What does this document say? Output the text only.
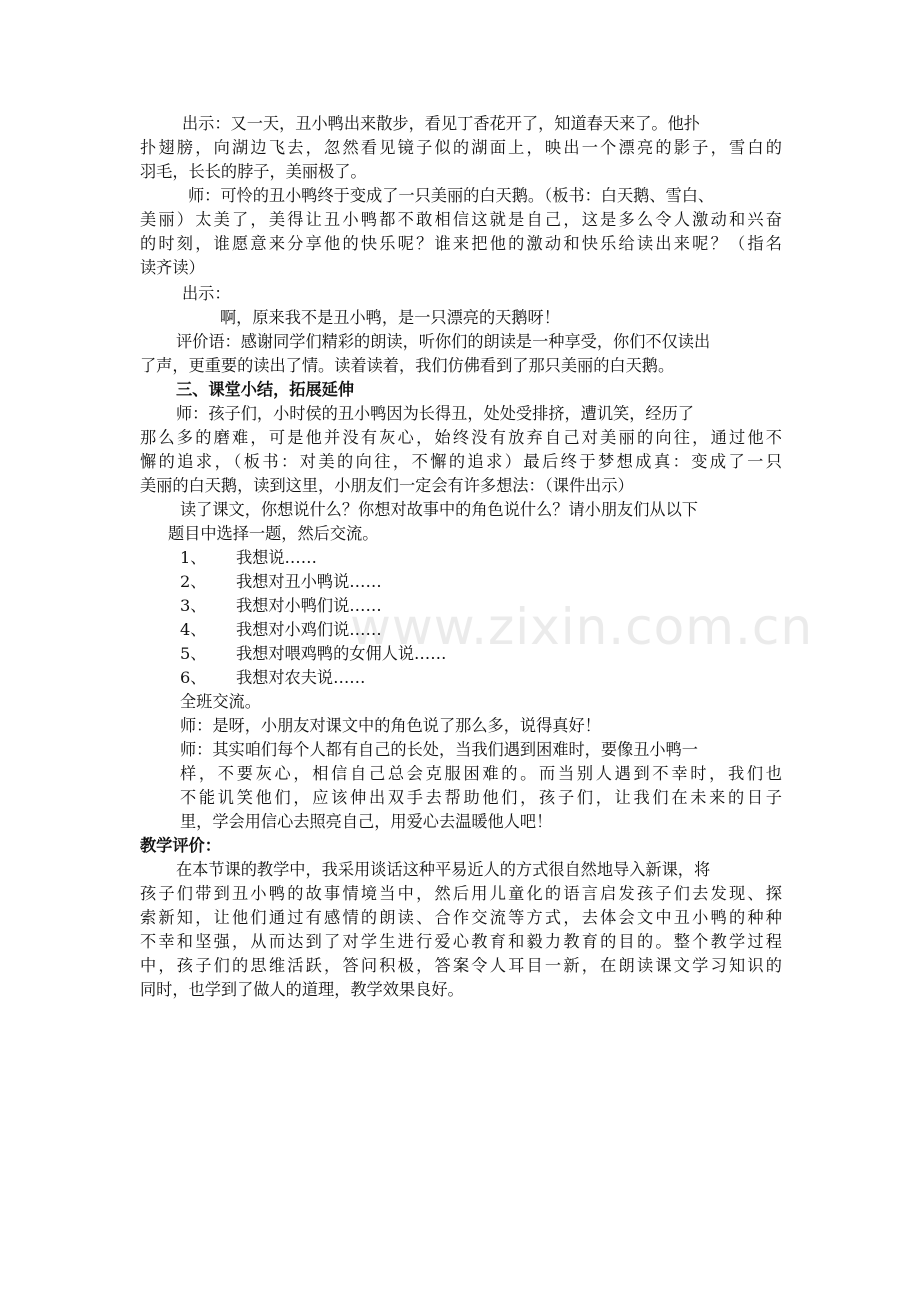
www.zixin.com.cn
出示：又一天，丑小鸭出来散步，看见丁香花开了，知道春天来了。他扑
扑翅膀，向湖边飞去，忽然看见镜子似的湖面上，映出一个漂亮的影子，雪白的
羽毛，长长的脖子，美丽极了。
师：可怜的丑小鸭终于变成了一只美丽的白天鹅。（板书：白天鹅、雪白、
美丽）太美了，美得让丑小鸭都不敢相信这就是自己，这是多么令人激动和兴奋
的时刻，谁愿意来分享他的快乐呢？谁来把他的激动和快乐给读出来呢？（指名
读齐读）
出示：
啊，原来我不是丑小鸭，是一只漂亮的天鹅呀！
评价语：感谢同学们精彩的朗读，听你们的朗读是一种享受，你们不仅读出
了声，更重要的读出了情。读着读着，我们仿佛看到了那只美丽的白天鹅。
三、课堂小结，拓展延伸
师：孩子们，小时侯的丑小鸭因为长得丑，处处受排挤，遭讥笑，经历了
那么多的磨难，可是他并没有灰心，始终没有放弃自己对美丽的向往，通过他不
懈的追求，（板书：对美的向往，不懈的追求）最后终于梦想成真：变成了一只
美丽的白天鹅，读到这里，小朋友们一定会有许多想法：（课件出示）
读了课文，你想说什么？你想对故事中的角色说什么？请小朋友们从以下
题目中选择一题，然后交流。
1、 我想说……
2、 我想对丑小鸭说……
3、 我想对小鸭们说……
4、 我想对小鸡们说……
5、 我想对喂鸡鸭的女佣人说……
6、 我想对农夫说……
全班交流。
师：是呀，小朋友对课文中的角色说了那么多，说得真好！
师：其实咱们每个人都有自己的长处，当我们遇到困难时，要像丑小鸭一
样，不要灰心，相信自己总会克服困难的。而当别人遇到不幸时，我们也
不能讥笑他们，应该伸出双手去帮助他们，孩子们，让我们在未来的日子
里，学会用信心去照亮自己，用爱心去温暖他人吧！
教学评价：
在本节课的教学中，我采用谈话这种平易近人的方式很自然地导入新课，将
孩子们带到丑小鸭的故事情境当中，然后用儿童化的语言启发孩子们去发现、探
索新知，让他们通过有感情的朗读、合作交流等方式，去体会文中丑小鸭的种种
不幸和坚强，从而达到了对学生进行爱心教育和毅力教育的目的。整个教学过程
中，孩子们的思维活跃，答问积极，答案令人耳目一新，在朗读课文学习知识的
同时，也学到了做人的道理，教学效果良好。
